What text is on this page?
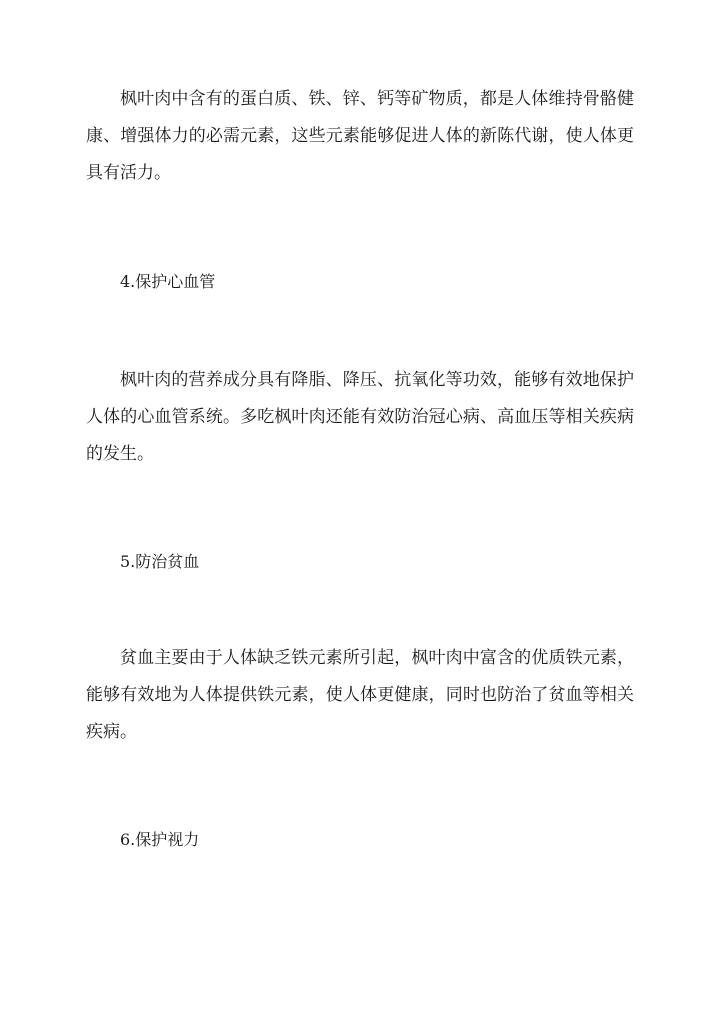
枫叶肉中含有的蛋白质、铁、锌、钙等矿物质，都是人体维持骨骼健康、增强体力的必需元素，这些元素能够促进人体的新陈代谢，使人体更具有活力。

4.保护心血管

枫叶肉的营养成分具有降脂、降压、抗氧化等功效，能够有效地保护人体的心血管系统。多吃枫叶肉还能有效防治冠心病、高血压等相关疾病的发生。

5.防治贫血

贫血主要由于人体缺乏铁元素所引起，枫叶肉中富含的优质铁元素，能够有效地为人体提供铁元素，使人体更健康，同时也防治了贫血等相关疾病。

6.保护视力
